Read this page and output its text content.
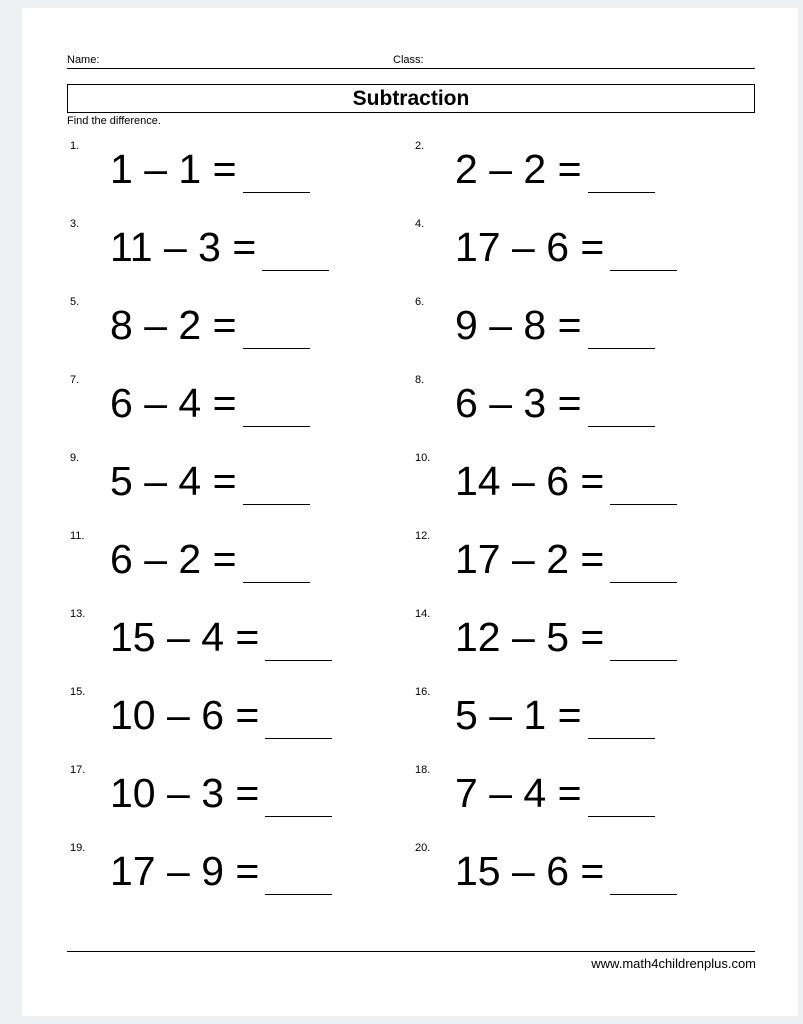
Name:	Class:
Subtraction
Find the difference.
1. 1 – 1 =	2. 2 – 2 =
3. 11 – 3 =	4. 17 – 6 =
5. 8 – 2 =	6. 9 – 8 =
7. 6 – 4 =	8. 6 – 3 =
9. 5 – 4 =	10. 14 – 6 =
11. 6 – 2 =	12. 17 – 2 =
13. 15 – 4 =	14. 12 – 5 =
15. 10 – 6 =	16. 5 – 1 =
17. 10 – 3 =	18. 7 – 4 =
19. 17 – 9 =	20. 15 – 6 =
www.math4childrenplus.com
